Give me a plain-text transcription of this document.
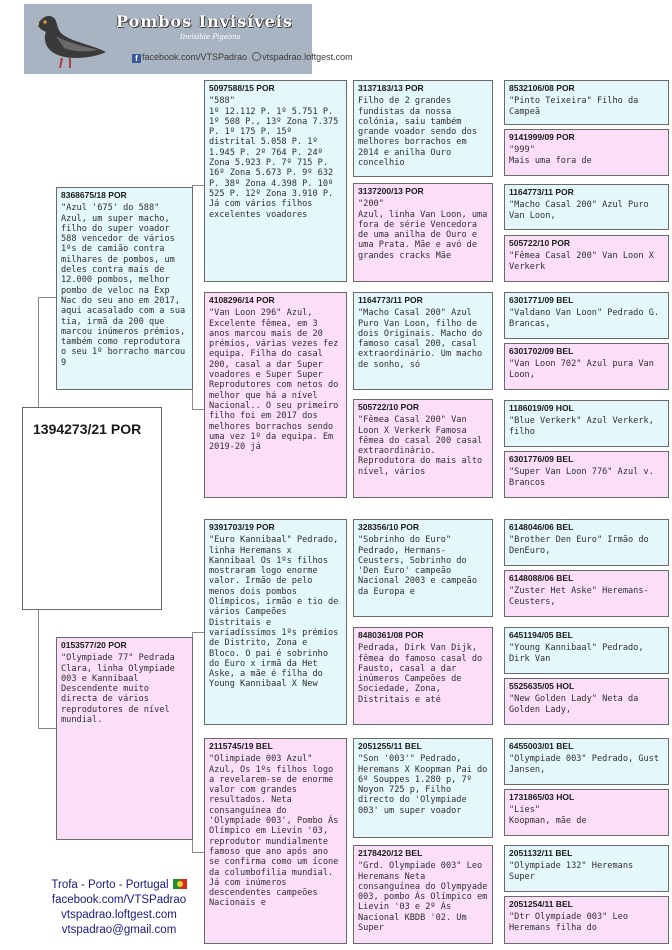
Pombos Invisíveis
Invisible Pigeons
f facebook.com/VTSPadrao vtspadrao.loftgest.com
1394273/21 POR
8368675/18 POR
"Azul '675' do 588" Azul, um super macho, filho do super voador 588 vencedor de vários 1ºs de camião contra milhares de pombos, um deles contra mais de 12.000 pombos, melhor pombo de veloc na Exp Nac do seu ano em 2017, aqui acasalado com a sua tia, irmã da 200 que marcou inúmeros prémios, também como reprodutora o seu 1º borracho marcou 9
0153577/20 POR
"Olympiade 77" Pedrada Clara, linha Olympiade 003 e Kannibaal Descendente muito directa de vários reprodutores de nível mundial.
5097588/15 POR
"588"
1º 12.112 P. 1º 5.751 P. 1º 508 P., 13º Zona 7.375 P. 1º 175 P. 15º distrital 5.058 P. 1º 1.945 P. 2º 764 P. 24º Zona 5.923 P. 7º 715 P. 16º Zona 5.673 P. 9º 632 P. 38º Zona 4.398 P. 10º 525 P. 12º Zona 3.910 P. Já com vários filhos excelentes voadores
4108296/14 POR
"Van Loon 296" Azul, Excelente fêmea, em 3 anos marcou mais de 20 prémios, várias vezes fez equipa. Filha do casal 200, casal a dar Super voadores e Super Super Reprodutores com netos do melhor que há a nível Nacional.. O seu primeiro filho foi em 2017 dos melhores borrachos sendo uma vez 1º da equipa. Em 2019-20 já
9391703/19 POR
"Euro Kannibaal" Pedrado, linha Heremans x Kannibaal Os 1ºs filhos mostraram logo enorme valor. Irmão de pelo menos dois pombos Olímpicos, irmão e tio de vários Campeões Distritais e variadíssimos 1ºs prémios de Distrito, Zona e Bloco. O pai é sobrinho do Euro x irmã da Het Aske, a mãe é filha do Young Kannibaal X New
2115745/19 BEL
"Olimpiade 003 Azul" Azul, Os 1ºs filhos logo a revelarem-se de enorme valor com grandes resultados. Neta consanguínea do 'Olympiade 003', Pombo Ás Olímpico em Lievin '03, reprodutor mundialmente famoso que ano após ano se confirma como um ícone da columbofilia mundial. Já com inúmeros descendentes campeões Nacionais e
3137183/13 POR
Filho de 2 grandes fundistas da nossa colónia, saiu também grande voador sendo dos melhores borrachos em 2014 e anilha Ouro concelhio
3137200/13 POR
"200"
Azul, linha Van Loon, uma fora de série Vencedora de uma anilha de Ouro e uma Prata. Mãe e avó de grandes cracks Mãe
1164773/11 POR
"Macho Casal 200" Azul Puro Van Loon, filho de dois Originais. Macho do famoso casal 200, casal extraordinário. Um macho de sonho, só
505722/10 POR
"Fêmea Casal 200" Van Loon X Verkerk Famosa fêmea do casal 200 casal extraordinário. Reprodutora do mais alto nível, vários
328356/10 POR
"Sobrinho do Euro" Pedrado, Hermans-Ceusters, Sobrinho do 'Den Euro' campeão Nacional 2003 e campeão da Europa e
8480361/08 POR
Pedrada, Dirk Van Dijk, fêmea do famoso casal do Fausto, casal a dar inúmeros Campeões de Sociedade, Zona, Distritais e até
2051255/11 BEL
"Son '003'" Pedrado, Heremans X Koopman Pai do 6º Souppes 1.280 p, 7º Noyon 725 p, Filho directo do 'Olympiade 003' um super voador
2178420/12 BEL
"Grd. Olympiade 003" Leo Heremans Neta consanguínea do Olympyade 003, pombo Ás Olímpico em Lievin '03 e 2º Ás Nacional KBDB '02. Um Super
8532106/08 POR
"Pinto Teixeira" Filho da Campeã
9141999/09 POR
"999"
Mais uma fora de
1164773/11 POR
"Macho Casal 200" Azul Puro Van Loon,
505722/10 POR
"Fêmea Casal 200" Van Loon X Verkerk
6301771/09 BEL
"Valdano Van Loon" Pedrado G. Brancas,
6301702/09 BEL
"Van Loon 702" Azul pura Van Loon,
1186019/09 HOL
"Blue Verkerk" Azul Verkerk, filho
6301776/09 BEL
"Super Van Loon 776" Azul v. Brancos
6148046/06 BEL
"Brother Den Euro" Irmão do DenEuro,
6148088/06 BEL
"Zuster Het Aske" Heremans-Ceusters,
6451194/05 BEL
"Young Kannibaal" Pedrado, Dirk Van
5525635/05 HOL
"New Golden Lady" Neta da Golden Lady,
6455003/01 BEL
"Olympiade 003" Pedrado, Gust Jansen,
1731865/03 HOL
"Lies"
Koopman, mãe de
2051132/11 BEL
"Olympiade 132" Heremans Super
2051254/11 BEL
"Dtr Olympiade 003" Leo Heremans filha do
Trofa - Porto - Portugal
facebook.com/VTSPadrao
vtspadrao.loftgest.com
vtspadrao@gmail.com
